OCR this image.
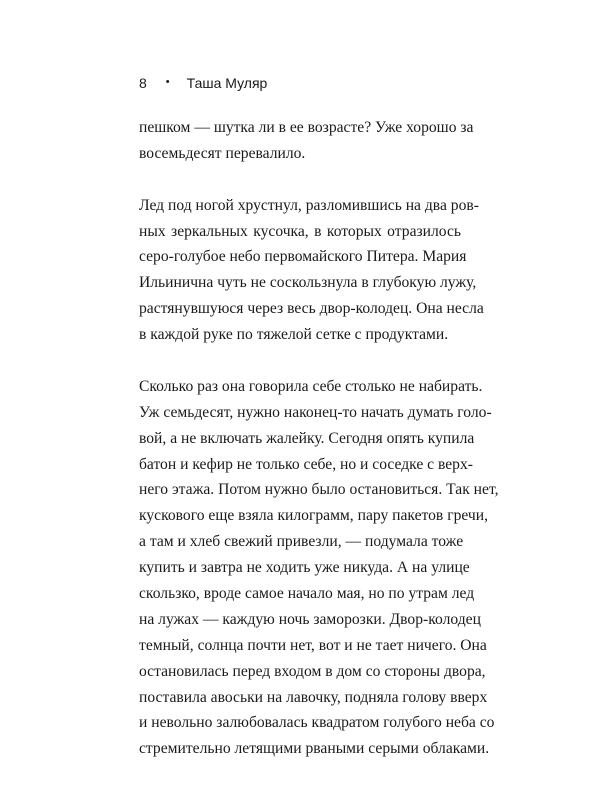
8 • Таша Муляр
пешком — шутка ли в ее возрасте? Уже хорошо за
восемьдесят перевалило.
Лед под ногой хрустнул, разломившись на два ров-
ных зеркальных кусочка, в которых отразилось
серо-голубое небо первомайского Питера. Мария
Ильинична чуть не соскользнула в глубокую лужу,
растянувшуюся через весь двор-колодец. Она несла
в каждой руке по тяжелой сетке с продуктами.
Сколько раз она говорила себе столько не набирать.
Уж семьдесят, нужно наконец-то начать думать голо-
вой, а не включать жалейку. Сегодня опять купила
батон и кефир не только себе, но и соседке с верх-
него этажа. Потом нужно было остановиться. Так нет,
кускового еще взяла килограмм, пару пакетов гречи,
а там и хлеб свежий привезли, — подумала тоже
купить и завтра не ходить уже никуда. А на улице
скользко, вроде самое начало мая, но по утрам лед
на лужах — каждую ночь заморозки. Двор-колодец
темный, солнца почти нет, вот и не тает ничего. Она
остановилась перед входом в дом со стороны двора,
поставила авоськи на лавочку, подняла голову вверх
и невольно залюбовалась квадратом голубого неба со
стремительно летящими рваными серыми облаками.
